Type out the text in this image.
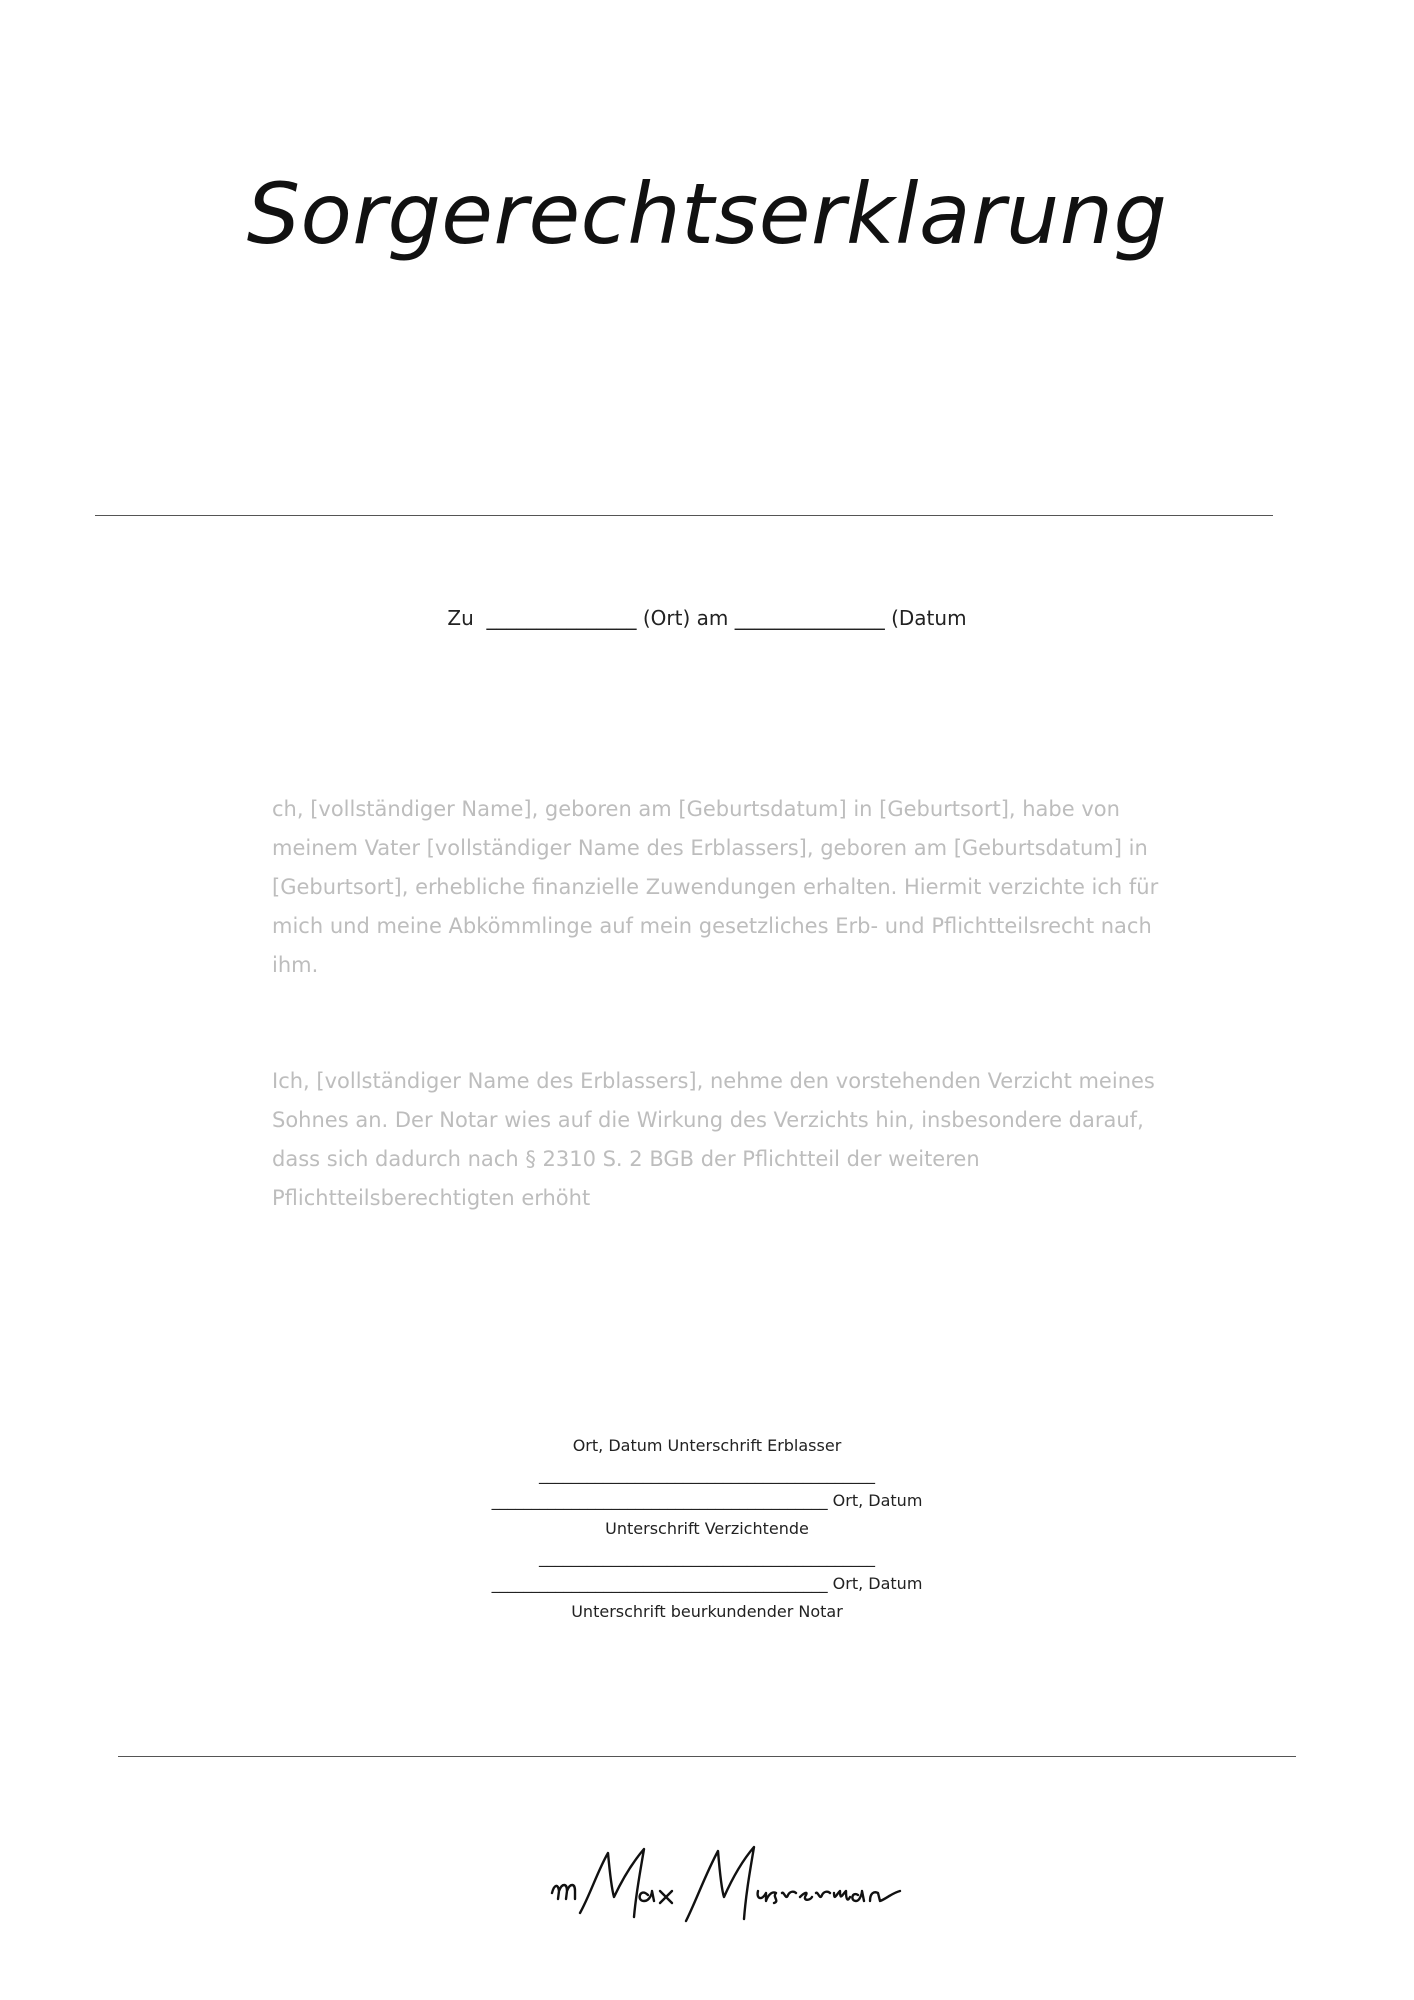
Sorgerechtserklarung
Zu  _______________ (Ort) am _______________ (Datum
ch, [vollständiger Name], geboren am [Geburtsdatum] in [Geburtsort], habe von meinem Vater [vollständiger Name des Erblassers], geboren am [Geburtsdatum] in [Geburtsort], erhebliche finanzielle Zuwendungen erhalten. Hiermit verzichte ich für mich und meine Abkömmlinge auf mein gesetzliches Erb- und Pflichtteilsrecht nach ihm.
Ich, [vollständiger Name des Erblassers], nehme den vorstehenden Verzicht meines Sohnes an. Der Notar wies auf die Wirkung des Verzichts hin, insbesondere darauf, dass sich dadurch nach § 2310 S. 2 BGB der Pflichtteil der weiteren Pflichtteilsberechtigten erhöht
Ort, Datum Unterschrift Erblasser
__________________________________________
__________________________________________ Ort, Datum
Unterschrift Verzichtende
__________________________________________
__________________________________________ Ort, Datum
Unterschrift beurkundender Notar
